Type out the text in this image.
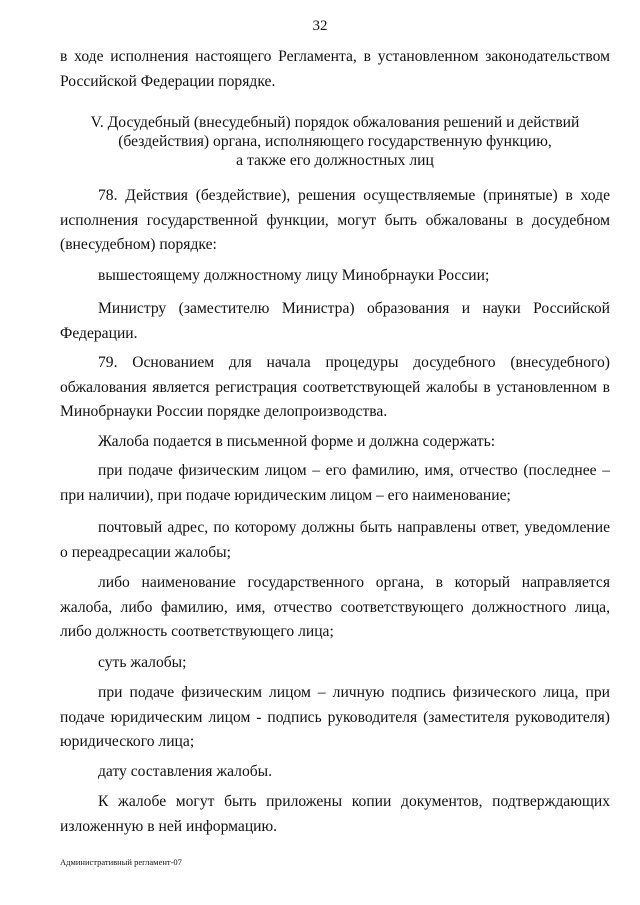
32

в ходе исполнения настоящего Регламента, в установленном законодательством Российской Федерации порядке.

V. Досудебный (внесудебный) порядок обжалования решений и действий
(бездействия) органа, исполняющего государственную функцию,
а также его должностных лиц

78. Действия (бездействие), решения осуществляемые (принятые) в ходе исполнения государственной функции, могут быть обжалованы в досудебном (внесудебном) порядке:

вышестоящему должностному лицу Минобрнауки России;

Министру (заместителю Министра) образования и науки Российской Федерации.

79. Основанием для начала процедуры досудебного (внесудебного) обжалования является регистрация соответствующей жалобы в установленном в Минобрнауки России порядке делопроизводства.

Жалоба подается в письменной форме и должна содержать:

при подаче физическим лицом – его фамилию, имя, отчество (последнее – при наличии), при подаче юридическим лицом – его наименование;

почтовый адрес, по которому должны быть направлены ответ, уведомление о переадресации жалобы;

либо наименование государственного органа, в который направляется жалоба, либо фамилию, имя, отчество соответствующего должностного лица, либо должность соответствующего лица;

суть жалобы;

при подаче физическим лицом – личную подпись физического лица, при подаче юридическим лицом - подпись руководителя (заместителя руководителя) юридического лица;

дату составления жалобы.

К жалобе могут быть приложены копии документов, подтверждающих изложенную в ней информацию.

Административный регламент-07
